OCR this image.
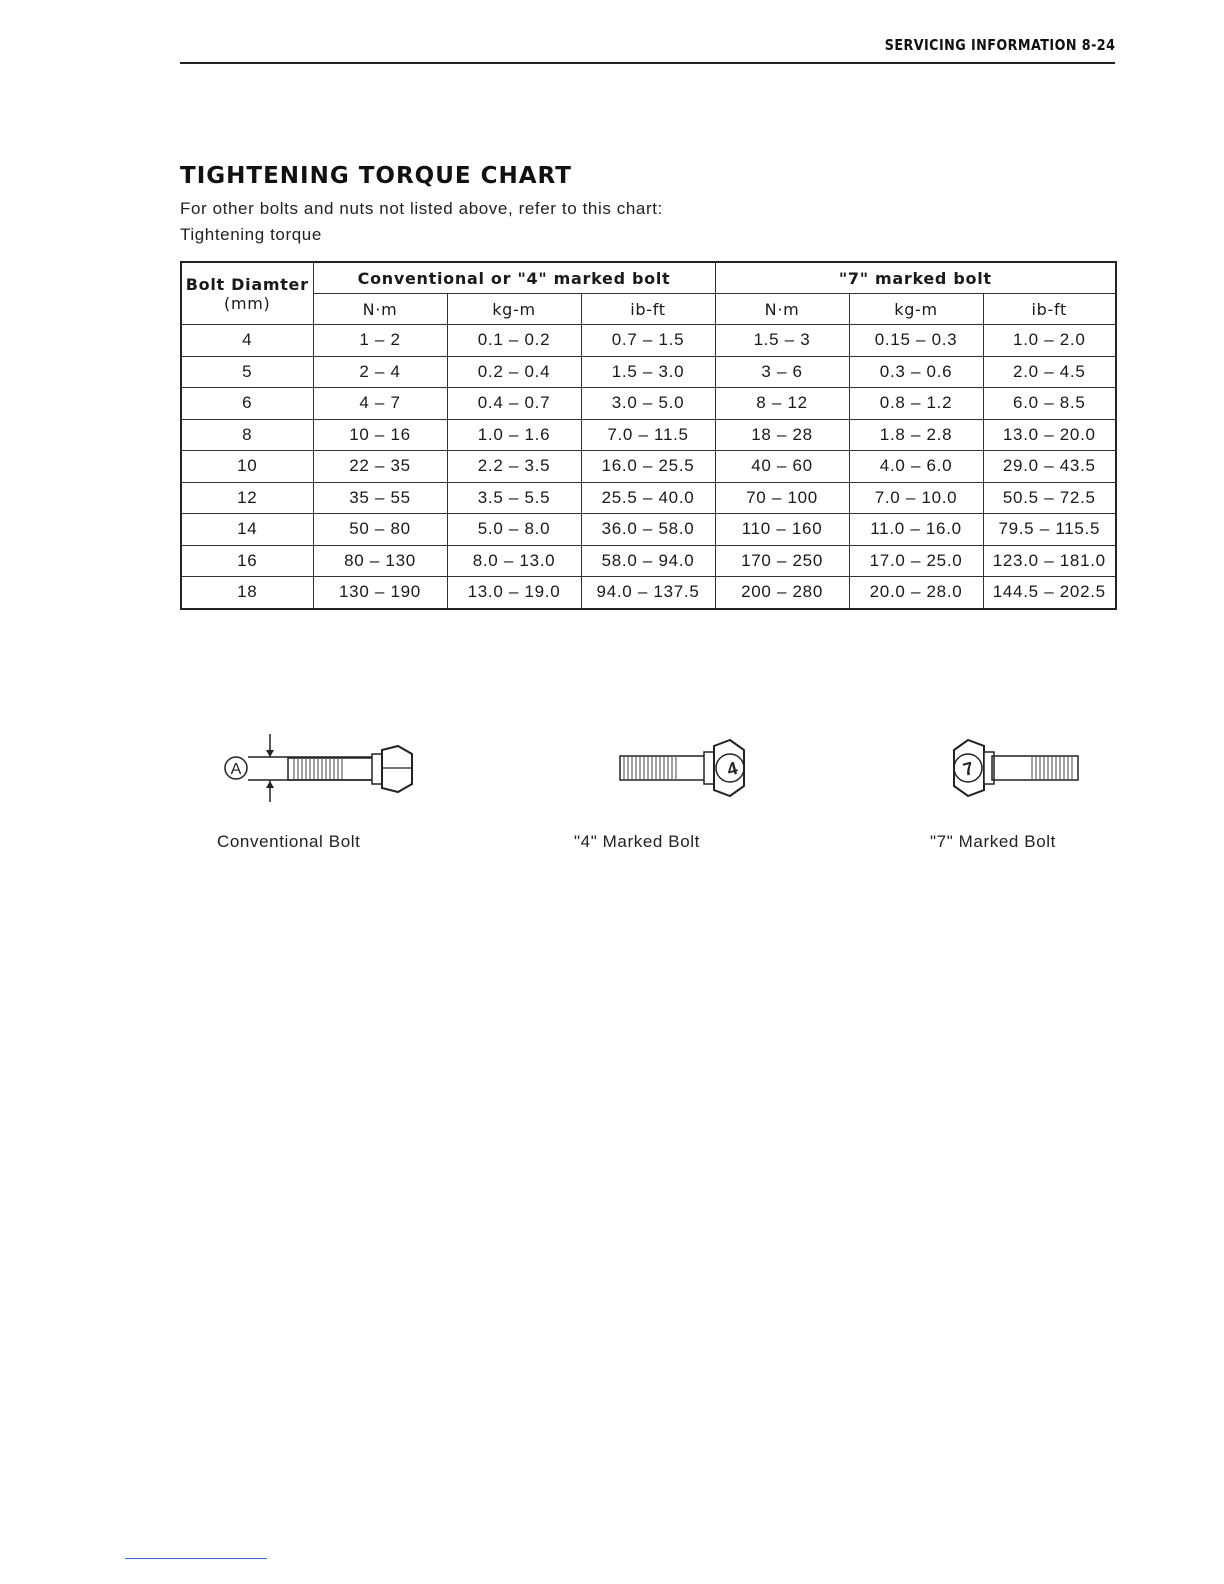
SERVICING INFORMATION 8-24
TIGHTENING TORQUE CHART
For other bolts and nuts not listed above, refer to this chart:
Tightening torque
Bolt Diamter
(mm)	Conventional or "4" marked bolt			"7" marked bolt		
	N·m	kg-m	ib-ft	N·m	kg-m	ib-ft
4	1 – 2	0.1 – 0.2	0.7 – 1.5	1.5 – 3	0.15 – 0.3	1.0 – 2.0
5	2 – 4	0.2 – 0.4	1.5 – 3.0	3 – 6	0.3 – 0.6	2.0 – 4.5
6	4 – 7	0.4 – 0.7	3.0 – 5.0	8 – 12	0.8 – 1.2	6.0 – 8.5
8	10 – 16	1.0 – 1.6	7.0 – 11.5	18 – 28	1.8 – 2.8	13.0 – 20.0
10	22 – 35	2.2 – 3.5	16.0 – 25.5	40 – 60	4.0 – 6.0	29.0 – 43.5
12	35 – 55	3.5 – 5.5	25.5 – 40.0	70 – 100	7.0 – 10.0	50.5 – 72.5
14	50 – 80	5.0 – 8.0	36.0 – 58.0	110 – 160	11.0 – 16.0	79.5 – 115.5
16	80 – 130	8.0 – 13.0	58.0 – 94.0	170 – 250	17.0 – 25.0	123.0 – 181.0
18	130 – 190	13.0 – 19.0	94.0 – 137.5	200 – 280	20.0 – 28.0	144.5 – 202.5
A	4	7
Conventional Bolt	"4" Marked Bolt	"7" Marked Bolt
